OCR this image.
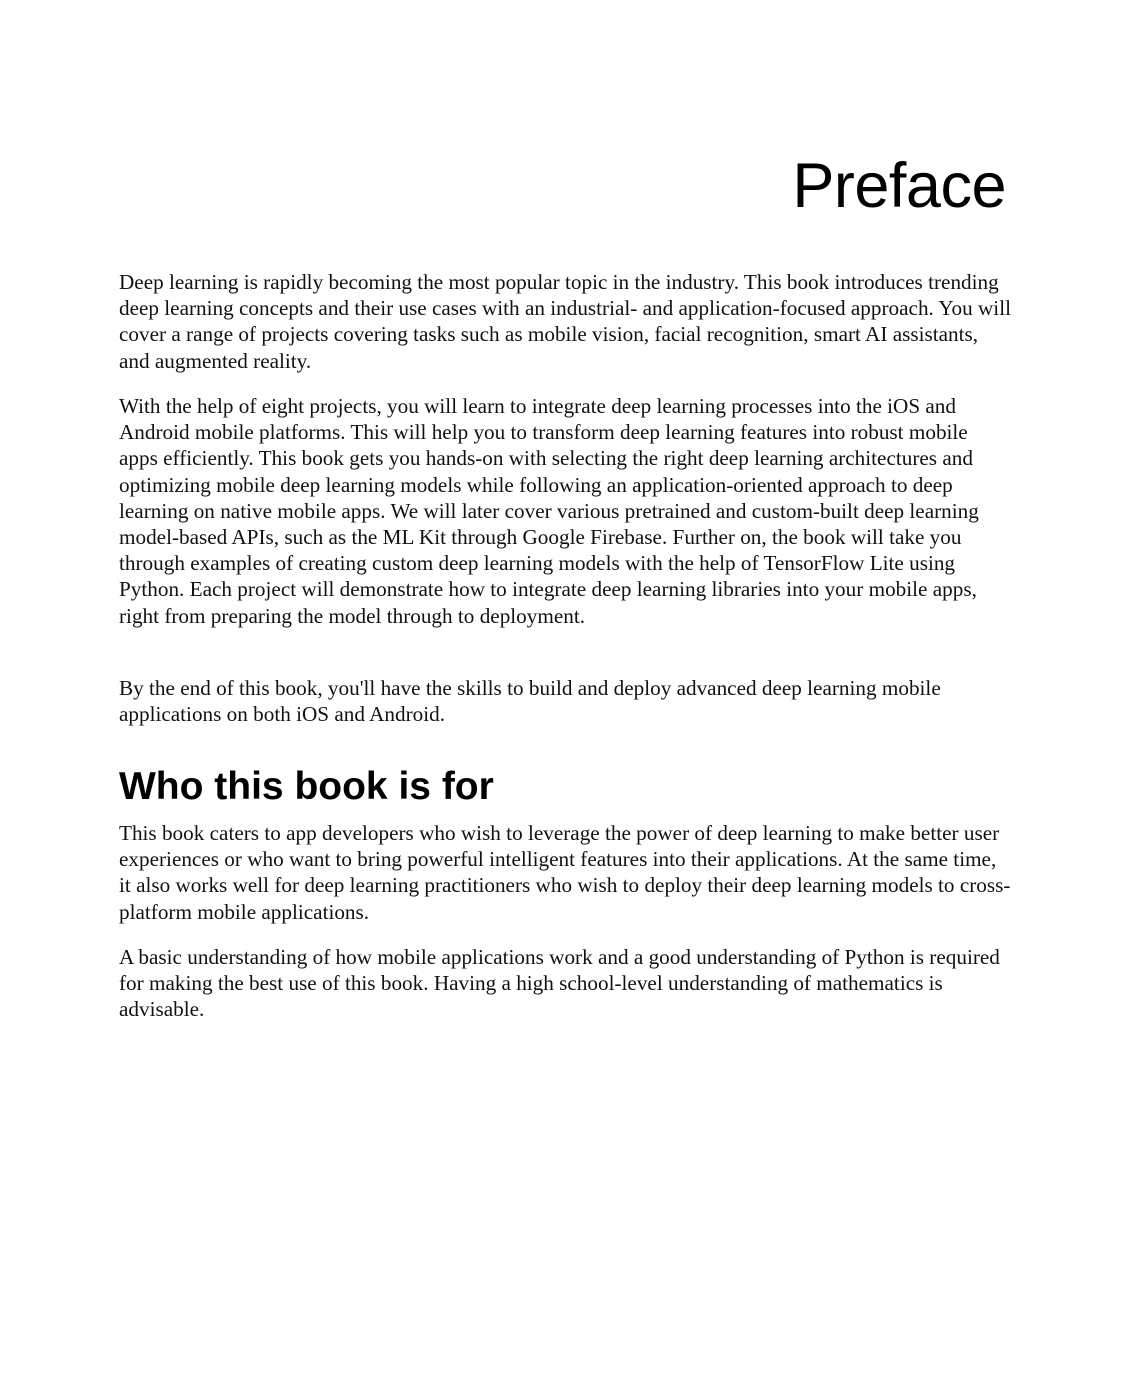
Preface

Deep learning is rapidly becoming the most popular topic in the industry. This book introduces trending deep learning concepts and their use cases with an industrial- and application-focused approach. You will cover a range of projects covering tasks such as mobile vision, facial recognition, smart AI assistants, and augmented reality.

With the help of eight projects, you will learn to integrate deep learning processes into the iOS and Android mobile platforms. This will help you to transform deep learning features into robust mobile apps efficiently. This book gets you hands-on with selecting the right deep learning architectures and optimizing mobile deep learning models while following an application-oriented approach to deep learning on native mobile apps. We will later cover various pretrained and custom-built deep learning model-based APIs, such as the ML Kit through Google Firebase. Further on, the book will take you through examples of creating custom deep learning models with the help of TensorFlow Lite using Python. Each project will demonstrate how to integrate deep learning libraries into your mobile apps, right from preparing the model through to deployment.

By the end of this book, you'll have the skills to build and deploy advanced deep learning mobile applications on both iOS and Android.

Who this book is for

This book caters to app developers who wish to leverage the power of deep learning to make better user experiences or who want to bring powerful intelligent features into their applications. At the same time, it also works well for deep learning practitioners who wish to deploy their deep learning models to cross-platform mobile applications.

A basic understanding of how mobile applications work and a good understanding of Python is required for making the best use of this book. Having a high school-level understanding of mathematics is advisable.
